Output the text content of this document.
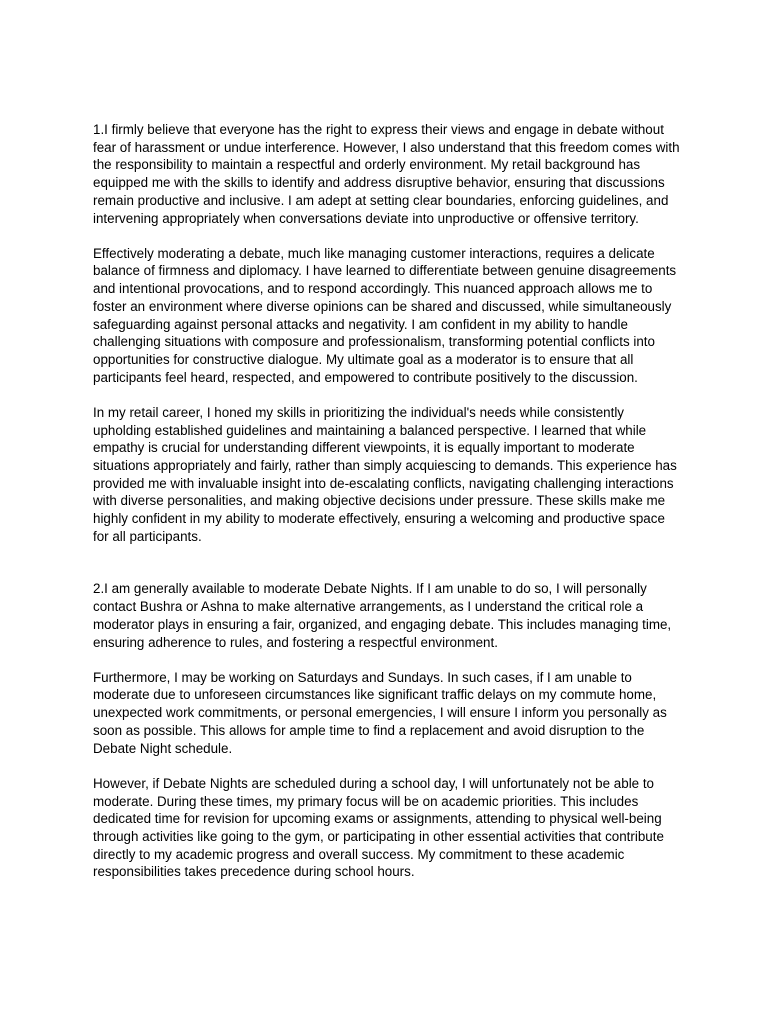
1.I firmly believe that everyone has the right to express their views and engage in debate without fear of harassment or undue interference. However, I also understand that this freedom comes with the responsibility to maintain a respectful and orderly environment. My retail background has equipped me with the skills to identify and address disruptive behavior, ensuring that discussions remain productive and inclusive. I am adept at setting clear boundaries, enforcing guidelines, and intervening appropriately when conversations deviate into unproductive or offensive territory.

Effectively moderating a debate, much like managing customer interactions, requires a delicate balance of firmness and diplomacy. I have learned to differentiate between genuine disagreements and intentional provocations, and to respond accordingly. This nuanced approach allows me to foster an environment where diverse opinions can be shared and discussed, while simultaneously safeguarding against personal attacks and negativity. I am confident in my ability to handle challenging situations with composure and professionalism, transforming potential conflicts into opportunities for constructive dialogue. My ultimate goal as a moderator is to ensure that all participants feel heard, respected, and empowered to contribute positively to the discussion.

In my retail career, I honed my skills in prioritizing the individual's needs while consistently upholding established guidelines and maintaining a balanced perspective. I learned that while empathy is crucial for understanding different viewpoints, it is equally important to moderate situations appropriately and fairly, rather than simply acquiescing to demands. This experience has provided me with invaluable insight into de-escalating conflicts, navigating challenging interactions with diverse personalities, and making objective decisions under pressure. These skills make me highly confident in my ability to moderate effectively, ensuring a welcoming and productive space for all participants.

2.I am generally available to moderate Debate Nights. If I am unable to do so, I will personally contact Bushra or Ashna to make alternative arrangements, as I understand the critical role a moderator plays in ensuring a fair, organized, and engaging debate. This includes managing time, ensuring adherence to rules, and fostering a respectful environment.

Furthermore, I may be working on Saturdays and Sundays. In such cases, if I am unable to moderate due to unforeseen circumstances like significant traffic delays on my commute home, unexpected work commitments, or personal emergencies, I will ensure I inform you personally as soon as possible. This allows for ample time to find a replacement and avoid disruption to the Debate Night schedule.

However, if Debate Nights are scheduled during a school day, I will unfortunately not be able to moderate. During these times, my primary focus will be on academic priorities. This includes dedicated time for revision for upcoming exams or assignments, attending to physical well-being through activities like going to the gym, or participating in other essential activities that contribute directly to my academic progress and overall success. My commitment to these academic responsibilities takes precedence during school hours.
